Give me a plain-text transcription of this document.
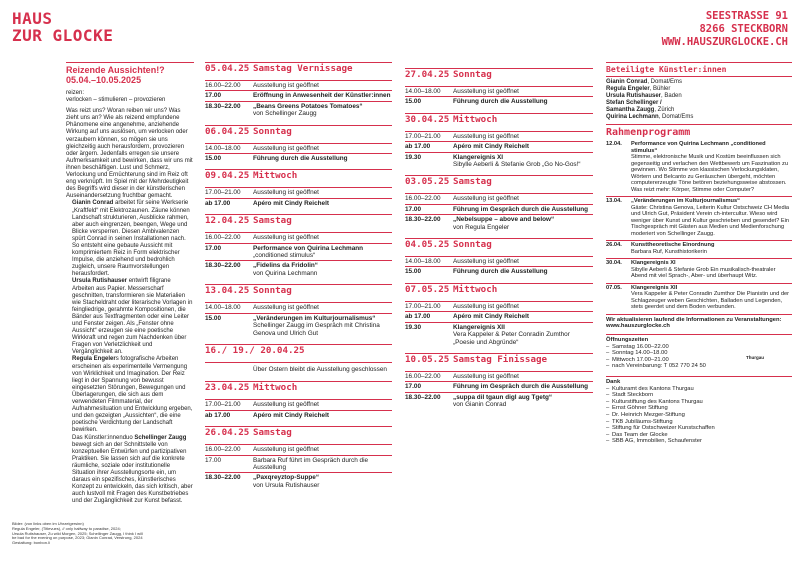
HAUS
ZUR GLOCKE
SEESTRASSE 91
8266 STECKBORN
WWW.HAUSZURGLOCKE.CH
Reizende Aussichten!?
05.04.–10.05.2025
reizen:
verlocken – stimulieren – provozieren

Was reizt uns? Woran reiben wir uns? Was zieht uns an? Wie als reizend empfundene Phänomene eine angenehme, anziehende Wirkung auf uns auslösen, um verlocken oder verzaubern können, so mögen sie uns gleichzeitig auch herausfordern, provozieren oder ärgern. Jedenfalls erregen sie unsere Aufmerksamkeit und bewirken, dass wir uns mit ihnen beschäftigen. Lust und Schmerz, Verlockung und Ernüchterung sind im Reiz oft eng verknüpft. Im Spiel mit der Mehrdeutigkeit des Begriffs wird dieser in der künstlerischen Auseinandersetzung fruchtbar gemacht.

Gianin Conrad arbeitet für seine Werkserie „Kraftfeld“ mit Elektrozaunen. Zäune können Landschaft strukturieren, Ausblicke rahmen, aber auch eingrenzen, beengen, Wege und Blicke versperren. Diesen Ambivalenzen spürt Conrad in seinen Installationen nach. So entsteht eine gebaute Aussicht mit komprimiertem Reiz in Form elektrischer Impulse, die anziehend und bedrohlich zugleich, unsere Raumvorstellungen herausfordert.

Ursula Rutishauser entwirft filigrane Arbeiten aus Papier. Messerscharf geschnitten, transformieren sie Materialien wie Stacheldraht oder literarische Vorlagen in feingliedrige, gerahmte Kompositionen, die Bänder aus Textfragmenten oder eine Leiter und Fenster zeigen. Als „Fenster ohne Aussicht“ erzeugen sie eine poetische Wirkkraft und regen zum Nachdenken über Fragen von Verletzlichkeit und Vergänglichkeit an.

Regula Engelers fotografische Arbeiten erscheinen als experimentelle Vermengung von Wirklichkeit und Imagination. Der Reiz liegt in der Spannung von bewusst eingesetzten Störungen, Bewegungen und Überlagerungen, die sich aus dem verwendeten Filmmaterial, der Aufnahmesituation und Entwicklung ergeben, und den gezeigten „Aussichten“, die eine poetische Verdichtung der Landschaft bewirken.

Das Künstler:innenduo Schellinger Zaugg bewegt sich an der Schnittstelle von konzeptuellen Entwürfen und partizipativen Praktiken. Sie lassen sich auf die konkrete räumliche, soziale oder institutionelle Situation ihrer Ausstellungsorte ein, um daraus ein spezifisches, künstlerisches Konzept zu entwickeln, das sich kritisch, aber auch lustvoll mit Fragen des Kunstbetriebes und der Zugänglichkeit zur Kunst befasst.

Bilder: (von links oben im Uhrzeigersinn)
Regula Engeler, (Titlevues), // only halfway to paradise, 2024;
Ursula Rutishauser, Zu wild Morgen, 2025; Schellinger Zaugg, I think I will
be bad for the evening on purpose, 2023; Gianin Conrad, Verstrung, 2024
Gestaltung: bonbon.li
05.04.25 Samstag Vernissage
16.00–22.00	Ausstellung ist geöffnet
17.00	Eröffnung in Anwesenheit der Künstler:innen
18.30–22.00	„Beans Greens Potatoes Tomatoes“
von Schellinger Zaugg
06.04.25 Sonntag
14.00–18.00	Ausstellung ist geöffnet
15.00	Führung durch die Ausstellung
09.04.25 Mittwoch
17.00–21.00	Ausstellung ist geöffnet
ab 17.00	Apéro mit Cindy Reichelt
12.04.25 Samstag
16.00–22.00	Ausstellung ist geöffnet
17.00	Performance von Quirina Lechmann
„conditioned stimulus“
18.30–22.00	„Fidelins da Fridolin“
von Quirina Lechmann
13.04.25 Sonntag
14.00–18.00	Ausstellung ist geöffnet
15.00	„Veränderungen im Kulturjournalismus“
Schellinger Zaugg im Gespräch mit Christina Genova und Ulrich Gut
16./ 19./ 20.04.25
Über Ostern bleibt die Ausstellung geschlossen
23.04.25 Mittwoch
17.00–21.00	Ausstellung ist geöffnet
ab 17.00	Apéro mit Cindy Reichelt
26.04.25 Samstag
16.00–22.00	Ausstellung ist geöffnet
17.00	Barbara Ruf führt im Gespräch durch die Ausstellung
18.30–22.00	„Paxqreyztop-Suppe“
von Ursula Rutishauser
27.04.25 Sonntag
14.00–18.00	Ausstellung ist geöffnet
15.00	Führung durch die Ausstellung
30.04.25 Mittwoch
17.00–21.00	Ausstellung ist geöffnet
ab 17.00	Apéro mit Cindy Reichelt
19.30	Klangereignis XI
Sibylle Aeberli & Stefanie Grob „Go No-Gos!“
03.05.25 Samstag
16.00–22.00	Ausstellung ist geöffnet
17.00	Führung im Gespräch durch die Ausstellung
18.30–22.00	„Nebelsuppe – above and below“
von Regula Engeler
04.05.25 Sonntag
14.00–18.00	Ausstellung ist geöffnet
15.00	Führung durch die Ausstellung
07.05.25 Mittwoch
17.00–21.00	Ausstellung ist geöffnet
ab 17.00	Apéro mit Cindy Reichelt
19.30	Klangereignis XII
Vera Kappeler & Peter Conradin Zumthor „Poesie und Abgründe“
10.05.25 Samstag Finissage
16.00–22.00	Ausstellung ist geöffnet
17.00	Führung im Gespräch durch die Ausstellung
18.30–22.00	„suppa dil tgaun digl aug Tgetg“
von Gianin Conrad
Beteiligte Künstler:innen
Gianin Conrad, Domat/Ems
Regula Engeler, Bühler
Ursula Rutishauser, Baden
Stefan Schellinger /
Samantha Zaugg, Zürich
Quirina Lechmann, Domat/Ems
Rahmenprogramm
12.04.	Performance von Quirina Lechmann „conditioned stimulus“
Stimme, elektronische Musik und Kostüm beeinflussen sich gegenseitig und verlachen den Wettbewerb um Faszination zu gewinnen. Wo Stimme von klassischen Verlockungsklaten, Wörtern und Belcanto zu Geräuschen übergeht, möchten computererzeugte Töne betören beziehungsweise abstossen. Was reizt mehr: Körper, Stimme oder Computer?
13.04.	„Veränderungen im Kulturjournalismus“
Gäste: Christina Genova, Leiterin Kultur Ostschweiz CH Media und Ulrich Gut, Präsident Verein ch-intercultur. Wieso wird weniger über Kunst und Kultur geschrieben und gesendet? Ein Tischgespräch mit Gästen aus Medien und Medienforschung moderiert von Schellinger Zaugg.
26.04.	Kunsttheoretische Einordnung
Barbara Ruf, Kunsthistorikerin
30.04.	Klangereignis XI
Sibylle Aeberli & Stefanie Grob Ein musikalisch-theatraler Abend mit viel Sprach-, Aber- und überhaupt Witz.
07.05.	Klangereignis XII
Vera Kappeler & Peter Conradin Zumthor Die Pianistin und der Schlagzeuger weben Geschichten, Balladen und Legenden, stets geerdet und dem Boden verbunden.
Wir aktualisieren laufend die Informationen zu Veranstaltungen: www.hauszurglocke.ch
Öffnungszeiten
– Samstag 16.00–22.00
– Sonntag 14.00–18.00
– Mittwoch 17.00–21.00
– nach Vereinbarung: T 052 770 24 50
Thurgau
Dank
– Kulturamt des Kantons Thurgau
– Stadt Steckborn
– Kulturstiftung des Kantons Thurgau
– Ernst Göhner Stiftung
– Dr. Heinrich Mezger-Stiftung
– TKB Jubiläums-Stiftung
– Stiftung für Ostschweizer Kunstschaffen
– Das Team der Glocke
– SBB AG, Immobilien, Schaufenster
